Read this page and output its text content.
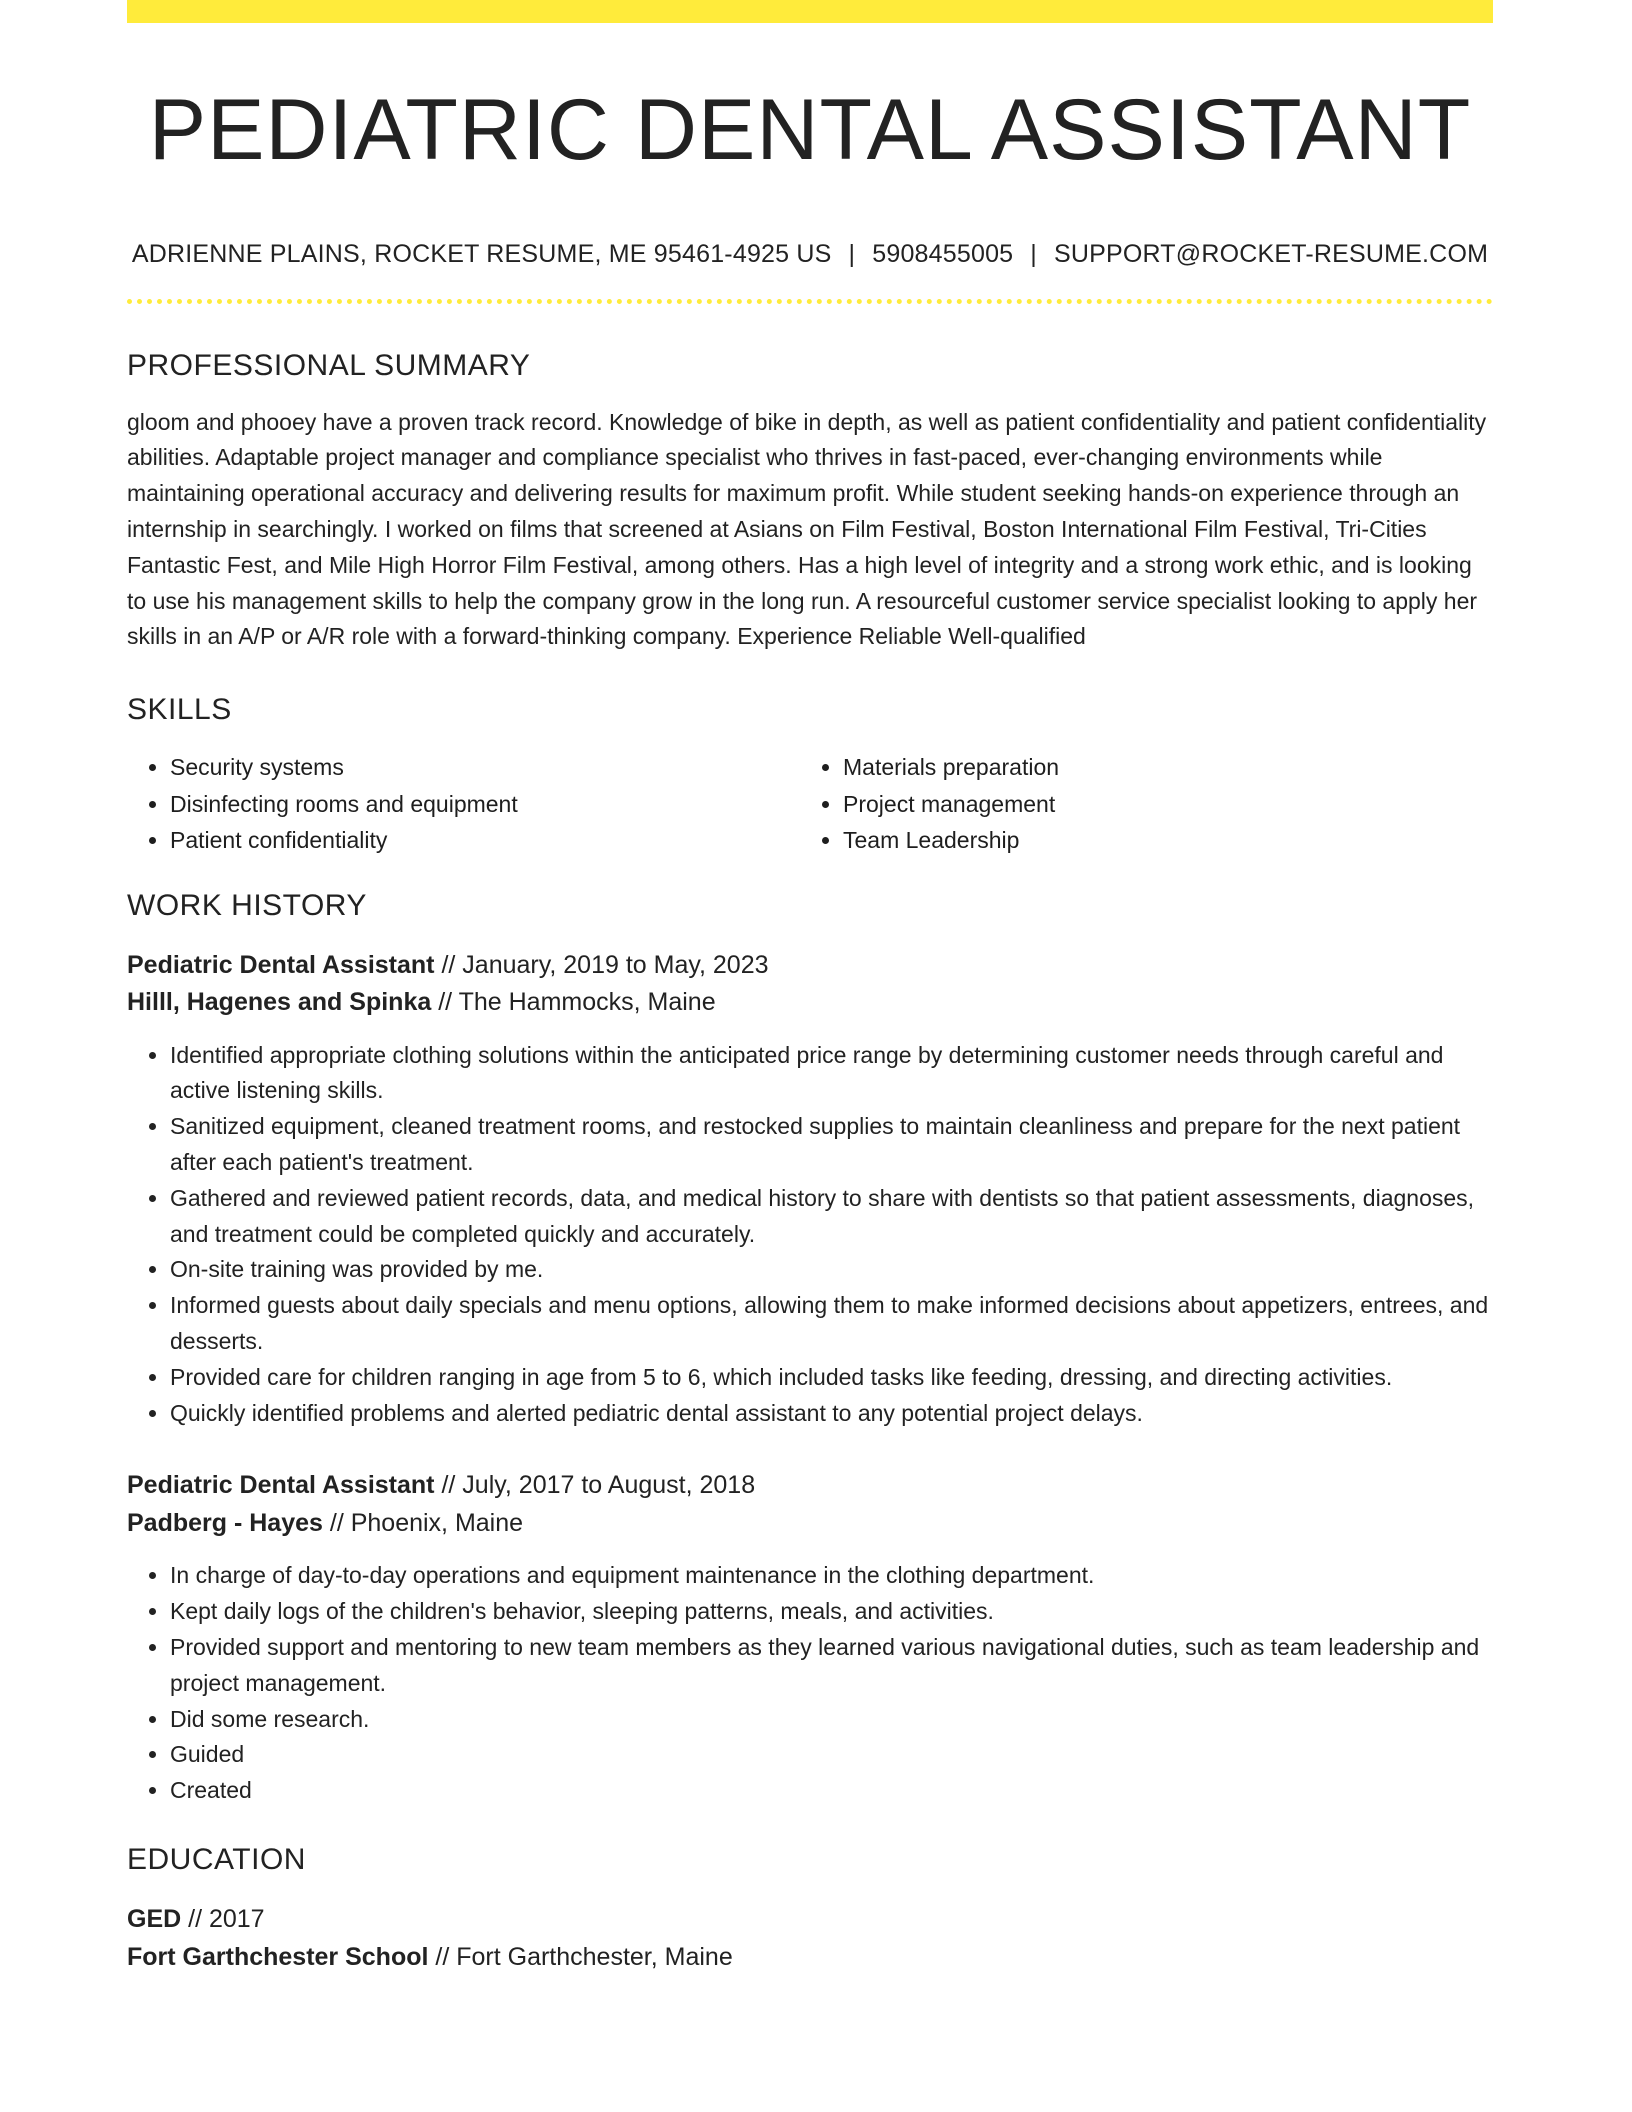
PEDIATRIC DENTAL ASSISTANT
ADRIENNE PLAINS, ROCKET RESUME, ME 95461-4925 US | 5908455005 | SUPPORT@ROCKET-RESUME.COM
PROFESSIONAL SUMMARY
gloom and phooey have a proven track record. Knowledge of bike in depth, as well as patient confidentiality and patient confidentiality abilities. Adaptable project manager and compliance specialist who thrives in fast-paced, ever-changing environments while maintaining operational accuracy and delivering results for maximum profit. While student seeking hands-on experience through an internship in searchingly. I worked on films that screened at Asians on Film Festival, Boston International Film Festival, Tri-Cities Fantastic Fest, and Mile High Horror Film Festival, among others. Has a high level of integrity and a strong work ethic, and is looking to use his management skills to help the company grow in the long run. A resourceful customer service specialist looking to apply her skills in an A/P or A/R role with a forward-thinking company. Experience Reliable Well-qualified
SKILLS
• Security systems
• Disinfecting rooms and equipment
• Patient confidentiality
• Materials preparation
• Project management
• Team Leadership
WORK HISTORY
Pediatric Dental Assistant // January, 2019 to May, 2023
Hilll, Hagenes and Spinka // The Hammocks, Maine
• Identified appropriate clothing solutions within the anticipated price range by determining customer needs through careful and active listening skills.
• Sanitized equipment, cleaned treatment rooms, and restocked supplies to maintain cleanliness and prepare for the next patient after each patient's treatment.
• Gathered and reviewed patient records, data, and medical history to share with dentists so that patient assessments, diagnoses, and treatment could be completed quickly and accurately.
• On-site training was provided by me.
• Informed guests about daily specials and menu options, allowing them to make informed decisions about appetizers, entrees, and desserts.
• Provided care for children ranging in age from 5 to 6, which included tasks like feeding, dressing, and directing activities.
• Quickly identified problems and alerted pediatric dental assistant to any potential project delays.
Pediatric Dental Assistant // July, 2017 to August, 2018
Padberg - Hayes // Phoenix, Maine
• In charge of day-to-day operations and equipment maintenance in the clothing department.
• Kept daily logs of the children's behavior, sleeping patterns, meals, and activities.
• Provided support and mentoring to new team members as they learned various navigational duties, such as team leadership and project management.
• Did some research.
• Guided
• Created
EDUCATION
GED // 2017
Fort Garthchester School // Fort Garthchester, Maine
